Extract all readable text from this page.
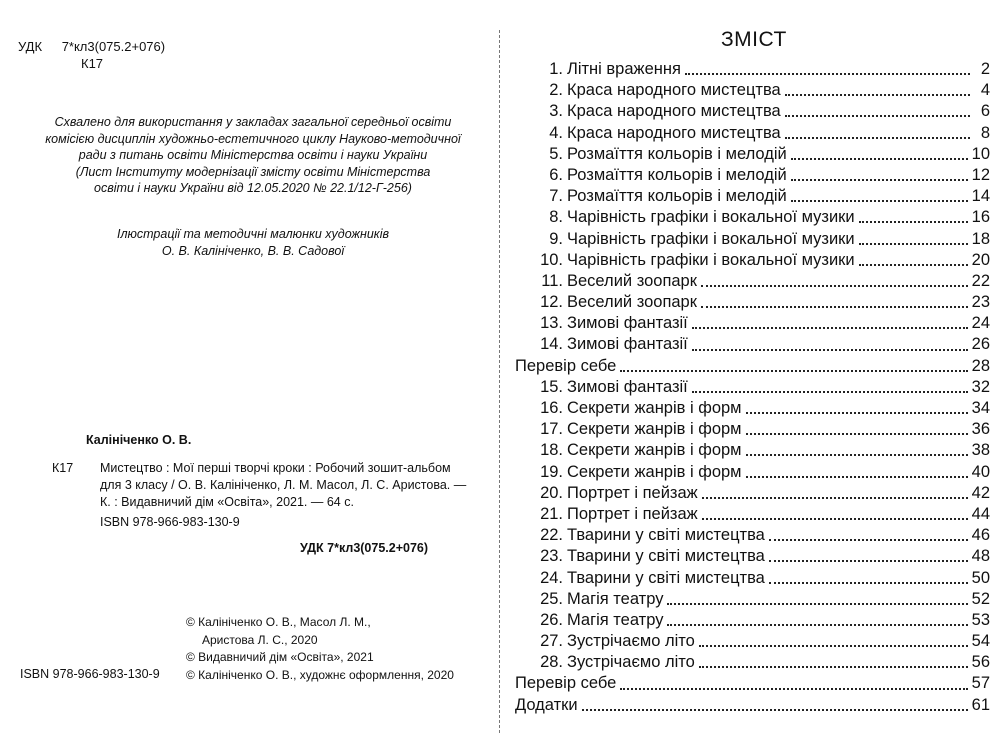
УДК 7*кл3(075.2+076)
К17
Схвалено для використання у закладах загальної середньої освіти
комісією дисциплін художньо-естетичного циклу Науково-методичної
ради з питань освіти Міністерства освіти і науки України
(Лист Інституту модернізації змісту освіти Міністерства
освіти і науки України від 12.05.2020 № 22.1/12-Г-256)
Ілюстрації та методичні малюнки художників
О. В. Калініченко, В. В. Садової
Калініченко О. В.
К17 Мистецтво : Мої перші творчі кроки : Робочий зошит-альбом
для 3 класу / О. В. Калініченко, Л. М. Масол, Л. С. Аристова. —
К. : Видавничий дім «Освіта», 2021. — 64 с.
ISBN 978-966-983-130-9
УДК 7*кл3(075.2+076)
© Калініченко О. В., Масол Л. М.,
Аристова Л. С., 2020
© Видавничий дім «Освіта», 2021
© Калініченко О. В., художнє оформлення, 2020
ISBN 978-966-983-130-9
ЗМІСТ
1. Літні враження	2
2. Краса народного мистецтва	4
3. Краса народного мистецтва	6
4. Краса народного мистецтва	8
5. Розмаїття кольорів і мелодій	10
6. Розмаїття кольорів і мелодій	12
7. Розмаїття кольорів і мелодій	14
8. Чарівність графіки і вокальної музики	16
9. Чарівність графіки і вокальної музики	18
10. Чарівність графіки і вокальної музики	20
11. Веселий зоопарк	22
12. Веселий зоопарк	23
13. Зимові фантазії	24
14. Зимові фантазії	26
Перевір себе	28
15. Зимові фантазії	32
16. Секрети жанрів і форм	34
17. Секрети жанрів і форм	36
18. Секрети жанрів і форм	38
19. Секрети жанрів і форм	40
20. Портрет і пейзаж	42
21. Портрет і пейзаж	44
22. Тварини у світі мистецтва	46
23. Тварини у світі мистецтва	48
24. Тварини у світі мистецтва	50
25. Магія театру	52
26. Магія театру	53
27. Зустрічаємо літо	54
28. Зустрічаємо літо	56
Перевір себе	57
Додатки	61
